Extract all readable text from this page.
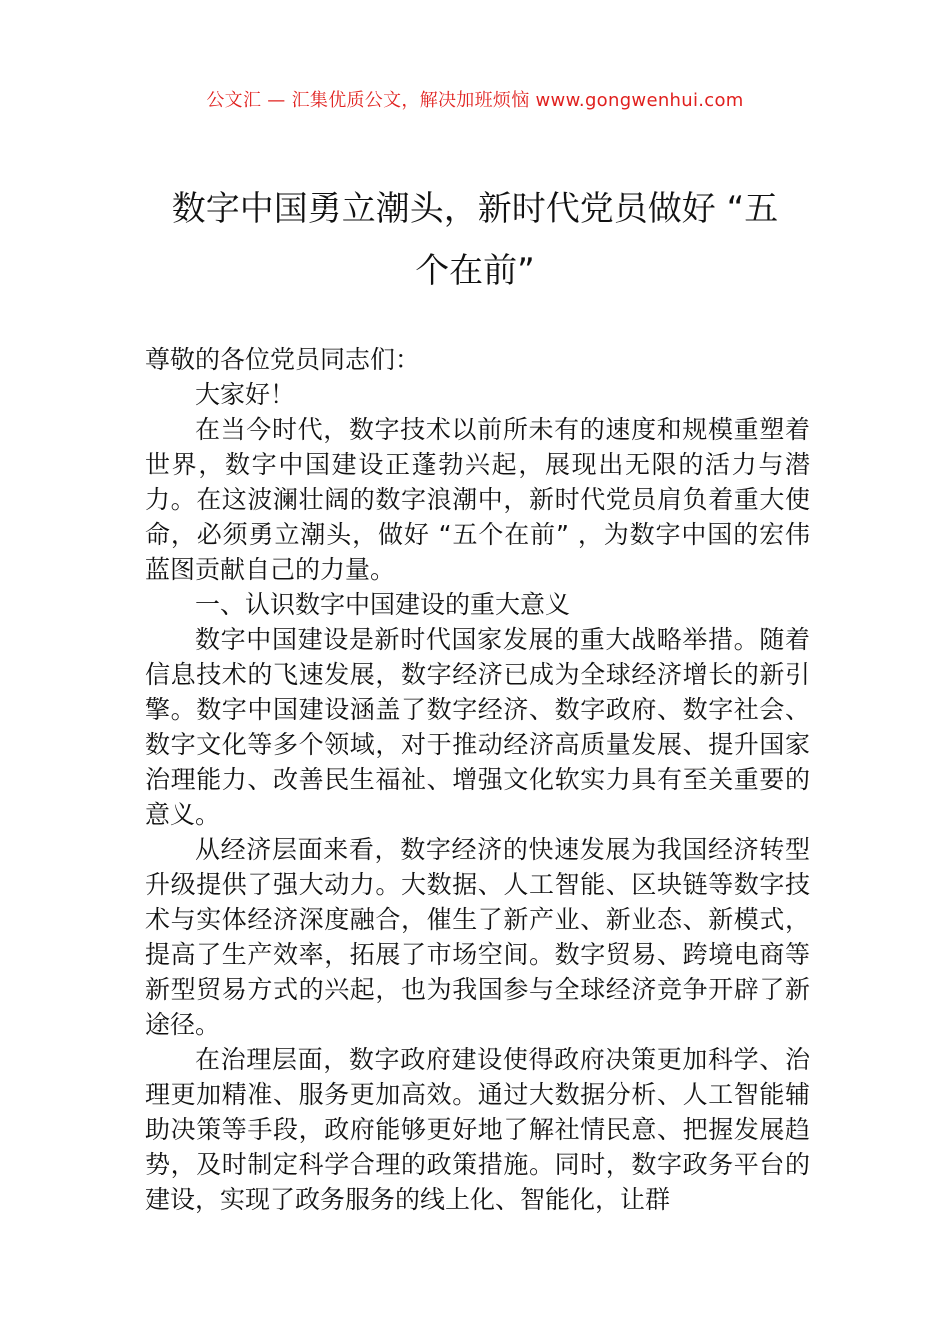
公文汇 — 汇集优质公文，解决加班烦恼 www.gongwenhui.com
数字中国勇立潮头，新时代党员做好 “五
个在前”

尊敬的各位党员同志们：

大家好！

在当今时代，数字技术以前所未有的速度和规模重塑着世界，数字中国建设正蓬勃兴起，展现出无限的活力与潜力。在这波澜壮阔的数字浪潮中，新时代党员肩负着重大使命，必须勇立潮头，做好 “五个在前” ，为数字中国的宏伟蓝图贡献自己的力量。

一、认识数字中国建设的重大意义

数字中国建设是新时代国家发展的重大战略举措。随着信息技术的飞速发展，数字经济已成为全球经济增长的新引擎。数字中国建设涵盖了数字经济、数字政府、数字社会、数字文化等多个领域，对于推动经济高质量发展、提升国家治理能力、改善民生福祉、增强文化软实力具有至关重要的意义。

从经济层面来看，数字经济的快速发展为我国经济转型升级提供了强大动力。大数据、人工智能、区块链等数字技术与实体经济深度融合，催生了新产业、新业态、新模式，提高了生产效率，拓展了市场空间。数字贸易、跨境电商等新型贸易方式的兴起，也为我国参与全球经济竞争开辟了新途径。

在治理层面，数字政府建设使得政府决策更加科学、治理更加精准、服务更加高效。通过大数据分析、人工智能辅助决策等手段，政府能够更好地了解社情民意、把握发展趋势，及时制定科学合理的政策措施。同时，数字政务平台的建设，实现了政务服务的线上化、智能化，让群
